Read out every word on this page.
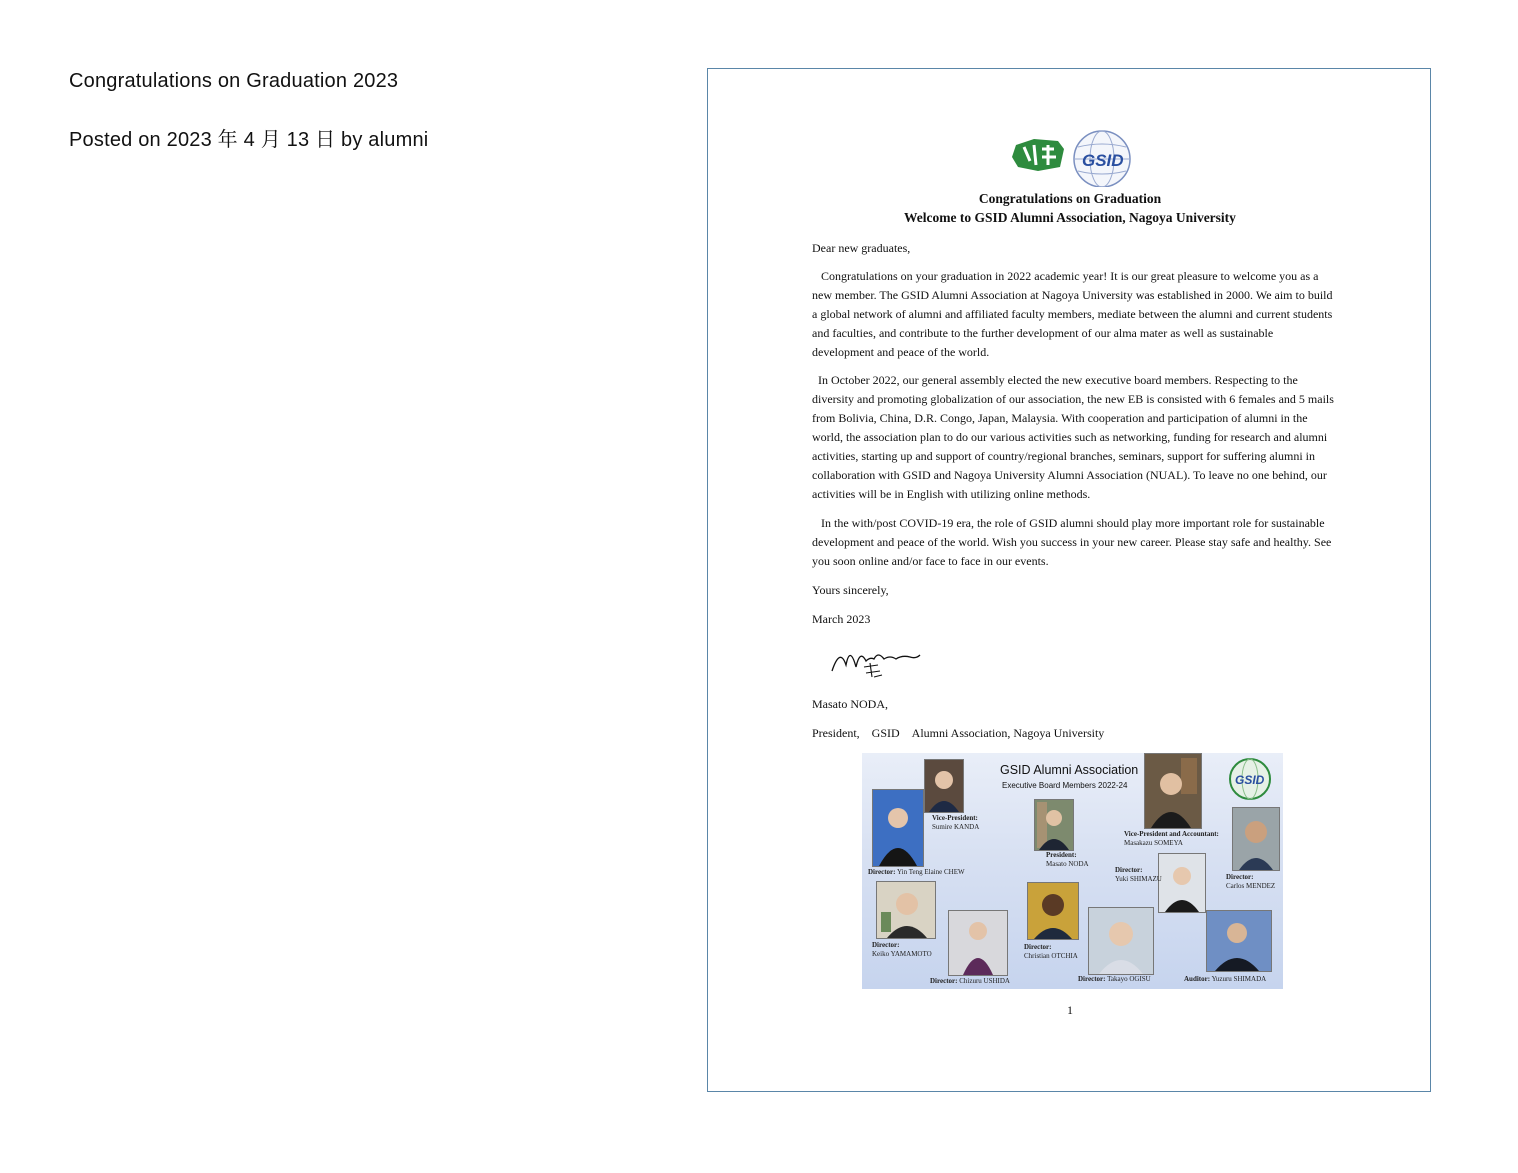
Congratulations on Graduation 2023
Posted on 2023 年 4 月 13 日 by alumni
GSID
Congratulations on Graduation
Welcome to GSID Alumni Association, Nagoya University
Dear new graduates,
Congratulations on your graduation in 2022 academic year! It is our great pleasure to welcome you as a new member. The GSID Alumni Association at Nagoya University was established in 2000. We aim to build a global network of alumni and affiliated faculty members, mediate between the alumni and current students and faculties, and contribute to the further development of our alma mater as well as sustainable development and peace of the world.
In October 2022, our general assembly elected the new executive board members. Respecting to the diversity and promoting globalization of our association, the new EB is consisted with 6 females and 5 mails from Bolivia, China, D.R. Congo, Japan, Malaysia. With cooperation and participation of alumni in the world, the association plan to do our various activities such as networking, funding for research and alumni activities, starting up and support of country/regional branches, seminars, support for suffering alumni in collaboration with GSID and Nagoya University Alumni Association (NUAL). To leave no one behind, our activities will be in English with utilizing online methods.
In the with/post COVID-19 era, the role of GSID alumni should play more important role for sustainable development and peace of the world. Wish you success in your new career. Please stay safe and healthy. See you soon online and/or face to face in our events.
Yours sincerely,
March 2023
Masato NODA,
President,    GSID    Alumni Association, Nagoya University
GSID Alumni Association
Executive Board Members 2022-24	GSID
Vice-President:
Sumire KANDA
Director: Yin Teng Elaine CHEW
President:
Masato NODA
Vice-President and Accountant:
Masakazu SOMEYA
Director:
Yuki SHIMAZU	Director:
Carlos MENDEZ
Director:
Keiko YAMAMOTO
Director: Chizuru USHIDA
Director:
Christian OTCHIA
Director: Takayo OGISU	Auditor: Yuzuru SHIMADA
1
